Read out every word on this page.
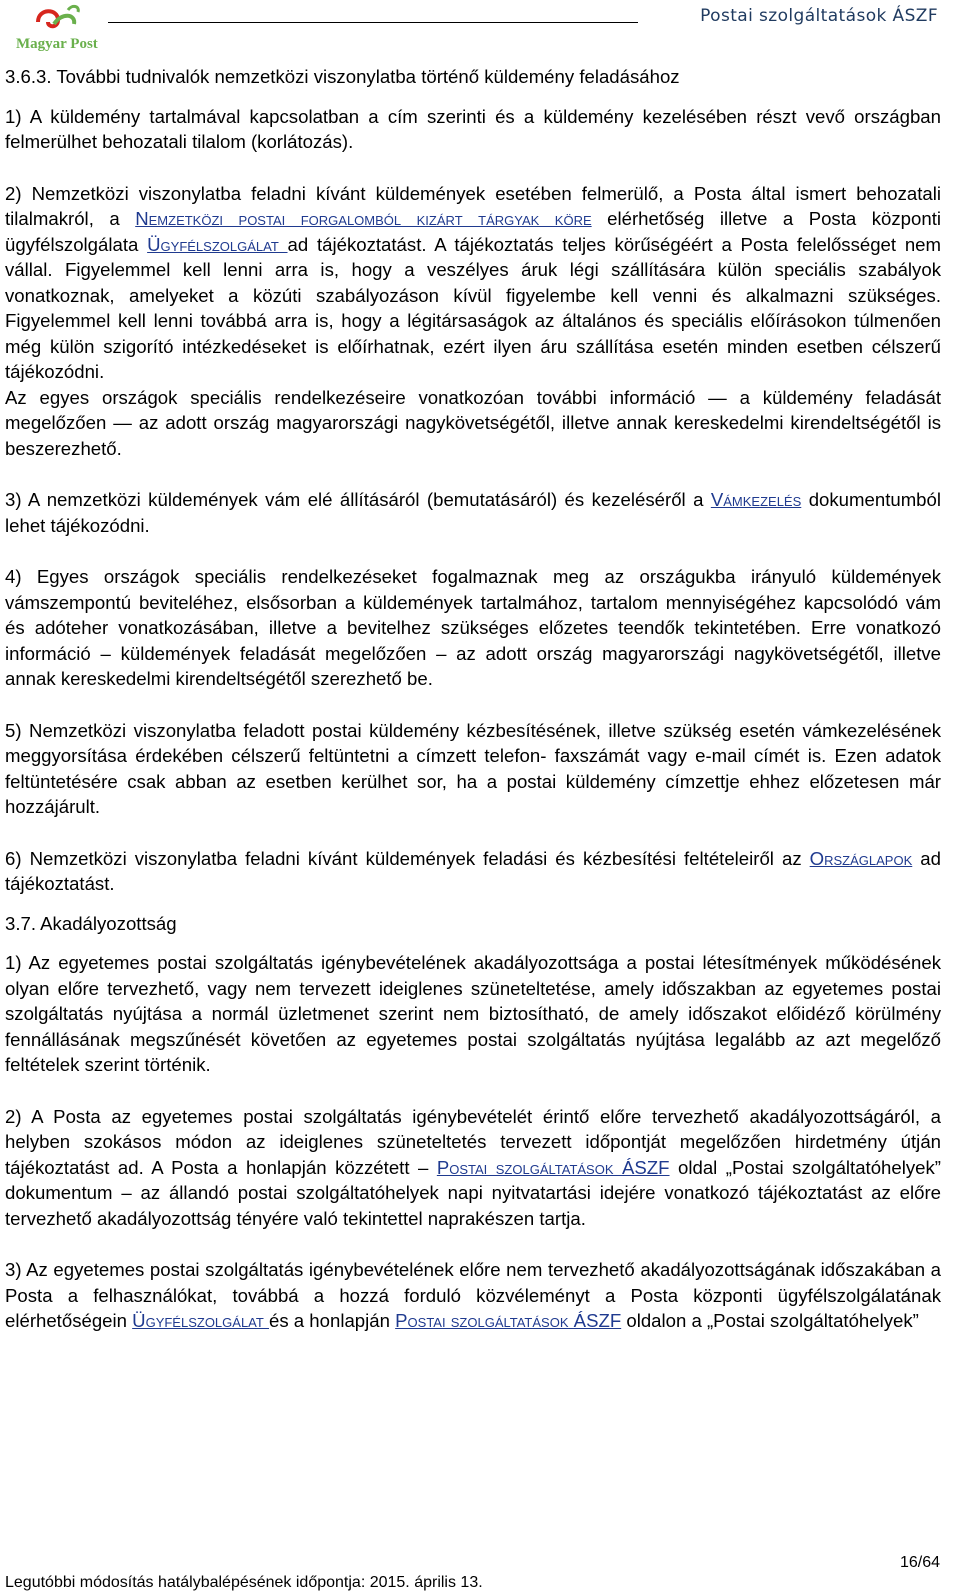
Magyar Posta
Postai szolgáltatások ÁSZF
3.6.3. További tudnivalók nemzetközi viszonylatba történő küldemény feladásához

1) A küldemény tartalmával kapcsolatban a cím szerinti és a küldemény kezelésében részt vevő országban felmerülhet behozatali tilalom (korlátozás).

2) Nemzetközi viszonylatba feladni kívánt küldemények esetében felmerülő, a Posta által ismert behozatali tilalmakról, a Nemzetközi postai forgalomból kizárt tárgyak köre elérhetőség illetve a Posta központi ügyfélszolgálata Ügyfélszolgálat ad tájékoztatást. A tájékoztatás teljes körűségéért a Posta felelősséget nem vállal. Figyelemmel kell lenni arra is, hogy a veszélyes áruk légi szállítására külön speciális szabályok vonatkoznak, amelyeket a közúti szabályozáson kívül figyelembe kell venni és alkalmazni szükséges. Figyelemmel kell lenni továbbá arra is, hogy a légitársaságok az általános és speciális előírásokon túlmenően még külön szigorító intézkedéseket is előírhatnak, ezért ilyen áru szállítása esetén minden esetben célszerű tájékozódni.

Az egyes országok speciális rendelkezéseire vonatkozóan további információ — a küldemény feladását megelőzően — az adott ország magyarországi nagykövetségétől, illetve annak kereskedelmi kirendeltségétől is beszerezhető.

3) A nemzetközi küldemények vám elé állításáról (bemutatásáról) és kezeléséről a Vámkezelés dokumentumból lehet tájékozódni.

4) Egyes országok speciális rendelkezéseket fogalmaznak meg az országukba irányuló küldemények vámszempontú beviteléhez, elsősorban a küldemények tartalmához, tartalom mennyiségéhez kapcsolódó vám és adóteher vonatkozásában, illetve a bevitelhez szükséges előzetes teendők tekintetében. Erre vonatkozó információ – küldemények feladását megelőzően – az adott ország magyarországi nagykövetségétől, illetve annak kereskedelmi kirendeltségétől szerezhető be.

5) Nemzetközi viszonylatba feladott postai küldemény kézbesítésének, illetve szükség esetén vámkezelésének meggyorsítása érdekében célszerű feltüntetni a címzett telefon- faxszámát vagy e-mail címét is. Ezen adatok feltüntetésére csak abban az esetben kerülhet sor, ha a postai küldemény címzettje ehhez előzetesen már hozzájárult.

6) Nemzetközi viszonylatba feladni kívánt küldemények feladási és kézbesítési feltételeiről az Országlapok ad tájékoztatást.

3.7. Akadályozottság

1) Az egyetemes postai szolgáltatás igénybevételének akadályozottsága a postai létesítmények működésének olyan előre tervezhető, vagy nem tervezett ideiglenes szüneteltetése, amely időszakban az egyetemes postai szolgáltatás nyújtása a normál üzletmenet szerint nem biztosítható, de amely időszakot előidéző körülmény fennállásának megszűnését követően az egyetemes postai szolgáltatás nyújtása legalább az azt megelőző feltételek szerint történik.

2) A Posta az egyetemes postai szolgáltatás igénybevételét érintő előre tervezhető akadályozottságáról, a helyben szokásos módon az ideiglenes szüneteltetés tervezett időpontját megelőzően hirdetmény útján tájékoztatást ad. A Posta a honlapján közzétett – Postai szolgáltatások ÁSZF oldal „Postai szolgáltatóhelyek” dokumentum – az állandó postai szolgáltatóhelyek napi nyitvatartási idejére vonatkozó tájékoztatást az előre tervezhető akadályozottság tényére való tekintettel naprakészen tartja.

3) Az egyetemes postai szolgáltatás igénybevételének előre nem tervezhető akadályozottságának időszakában a Posta a felhasználókat, továbbá a hozzá forduló közvéleményt a Posta központi ügyfélszolgálatának elérhetőségein Ügyfélszolgálat és a honlapján Postai szolgáltatások ÁSZF oldalon a „Postai szolgáltatóhelyek”

16/64
Legutóbbi módosítás hatálybalépésének időpontja: 2015. április 13.
